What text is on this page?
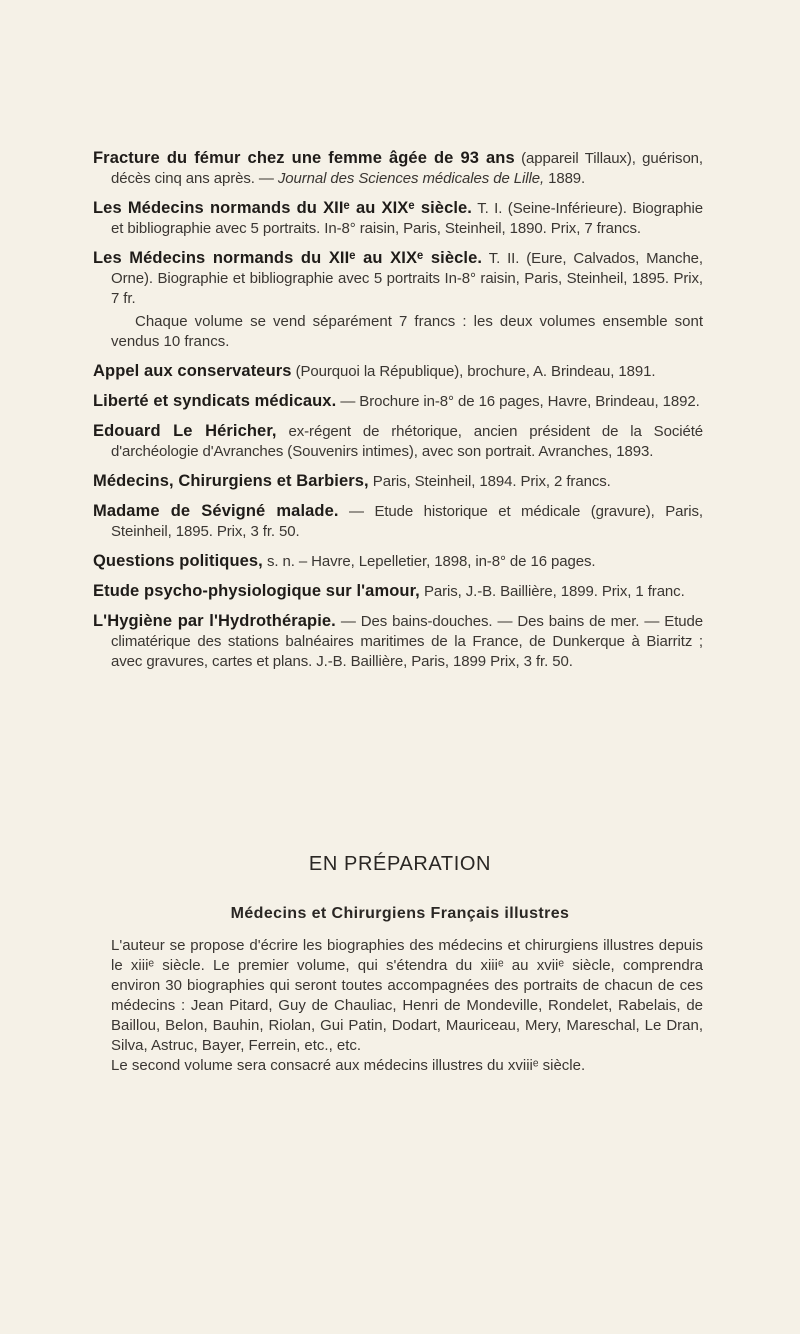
Fracture du fémur chez une femme âgée de 93 ans (appareil Tillaux), guérison, décès cinq ans après. — Journal des Sciences médicales de Lille, 1889.

Les Médecins normands du XIIᵉ au XIXᵉ siècle. T. I. (Seine-Inférieure). Biographie et bibliographie avec 5 portraits. In-8° raisin, Paris, Steinheil, 1890. Prix, 7 francs.

Les Médecins normands du XIIᵉ au XIXᵉ siècle. T. II. (Eure, Calvados, Manche, Orne). Biographie et bibliographie avec 5 portraits In-8° raisin, Paris, Steinheil, 1895. Prix, 7 fr.

Chaque volume se vend séparément 7 francs : les deux volumes ensemble sont vendus 10 francs.

Appel aux conservateurs (Pourquoi la République), brochure, A. Brindeau, 1891.

Liberté et syndicats médicaux. — Brochure in-8° de 16 pages, Havre, Brindeau, 1892.

Edouard Le Héricher, ex-régent de rhétorique, ancien président de la Société d'archéologie d'Avranches (Souvenirs intimes), avec son portrait. Avranches, 1893.

Médecins, Chirurgiens et Barbiers, Paris, Steinheil, 1894. Prix, 2 francs.

Madame de Sévigné malade. — Etude historique et médicale (gravure), Paris, Steinheil, 1895. Prix, 3 fr. 50.

Questions politiques, s. n. – Havre, Lepelletier, 1898, in-8° de 16 pages.

Etude psycho-physiologique sur l'amour, Paris, J.-B. Baillière, 1899. Prix, 1 franc.

L'Hygiène par l'Hydrothérapie. — Des bains-douches. — Des bains de mer. — Etude climatérique des stations balnéaires maritimes de la France, de Dunkerque à Biarritz ; avec gravures, cartes et plans. J.-B. Baillière, Paris, 1899 Prix, 3 fr. 50.

EN PRÉPARATION
Médecins et Chirurgiens Français illustres

L'auteur se propose d'écrire les biographies des médecins et chirurgiens illustres depuis le xiiiᵉ siècle. Le premier volume, qui s'étendra du xiiiᵉ au xviiᵉ siècle, comprendra environ 30 biographies qui seront toutes accompagnées des portraits de chacun de ces médecins : Jean Pitard, Guy de Chauliac, Henri de Mondeville, Rondelet, Rabelais, de Baillou, Belon, Bauhin, Riolan, Gui Patin, Dodart, Mauriceau, Mery, Mareschal, Le Dran, Silva, Astruc, Bayer, Ferrein, etc., etc.

Le second volume sera consacré aux médecins illustres du xviiiᵉ siècle.
